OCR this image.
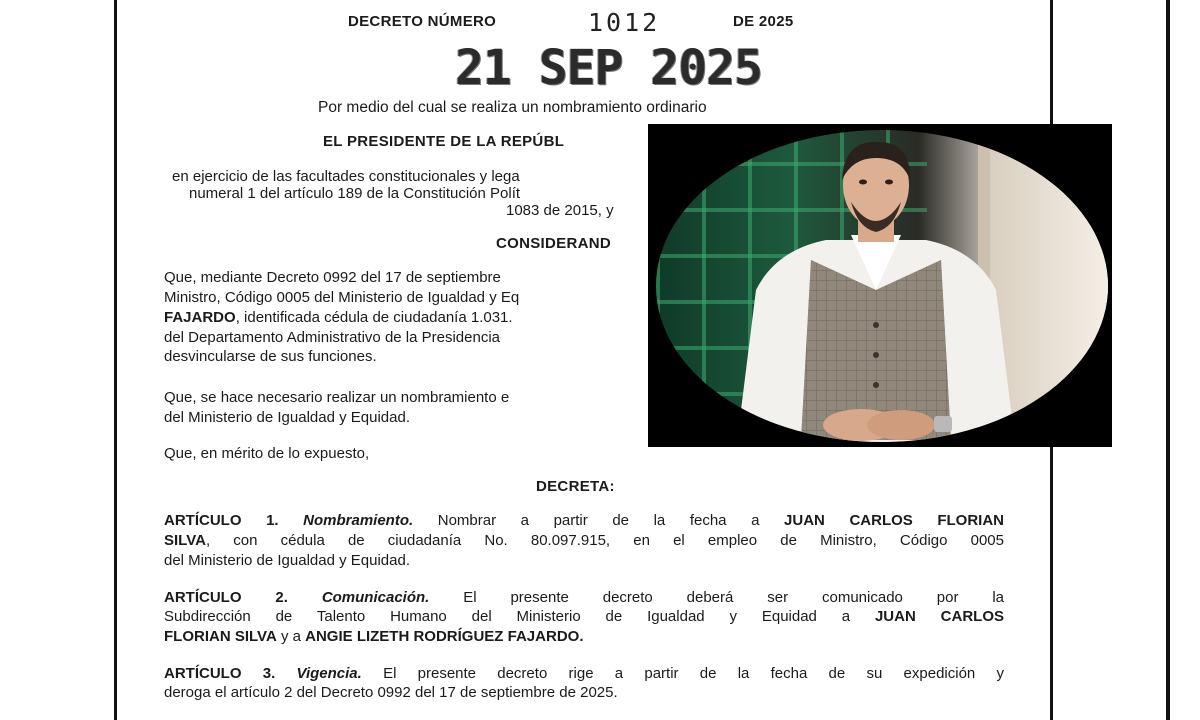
DECRETO NÚMERO	1012	DE 2025
21 SEP 2025
Por medio del cual se realiza un nombramiento ordinario
EL PRESIDENTE DE LA REPÚBL
en ejercicio de las facultades constitucionales y lega
numeral 1 del artículo 189 de la Constitución Polít
1083 de 2015, y
CONSIDERAND
Que, mediante Decreto 0992 del 17 de septiembre
Ministro, Código 0005 del Ministerio de Igualdad y Eq
FAJARDO, identificada cédula de ciudadanía 1.031.
del Departamento Administrativo de la Presidencia
desvincularse de sus funciones.
Que, se hace necesario realizar un nombramiento e
del Ministerio de Igualdad y Equidad.
Que, en mérito de lo expuesto,
DECRETA:
ARTÍCULO 1. Nombramiento. Nombrar a partir de la fecha a JUAN CARLOS FLORIAN
SILVA, con cédula de ciudadanía No. 80.097.915, en el empleo de Ministro, Código 0005
del Ministerio de Igualdad y Equidad.
ARTÍCULO 2. Comunicación. El presente decreto deberá ser comunicado por la
Subdirección de Talento Humano del Ministerio de Igualdad y Equidad a JUAN CARLOS
FLORIAN SILVA y a ANGIE LIZETH RODRÍGUEZ FAJARDO.
ARTÍCULO 3. Vigencia. El presente decreto rige a partir de la fecha de su expedición y
deroga el artículo 2 del Decreto 0992 del 17 de septiembre de 2025.
